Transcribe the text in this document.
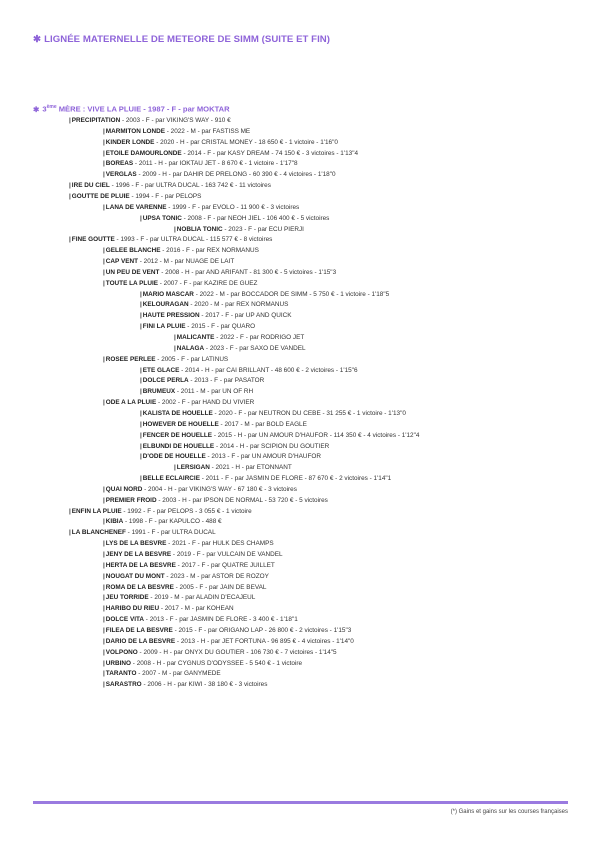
✱ LIGNÉE MATERNELLE DE METEORE DE SIMM (SUITE ET FIN)
✱ 3ème MÈRE : VIVE LA PLUIE - 1987 - F - par MOKTAR
|PRECIPITATION - 2003 - F - par VIKING'S WAY - 910 €
|MARMITON LONDE - 2022 - M - par FASTISS ME
|KINDER LONDE - 2020 - H - par CRISTAL MONEY - 18 650 € - 1 victoire - 1'16"0
|ETOILE DAMOURLONDE - 2014 - F - par KASY DREAM - 74 150 € - 3 victoires - 1'13"4
|BOREAS - 2011 - H - par IOKTAU JET - 8 670 € - 1 victoire - 1'17"8
|VERGLAS - 2009 - H - par DAHIR DE PRELONG - 60 390 € - 4 victoires - 1'18"0
|IRE DU CIEL - 1996 - F - par ULTRA DUCAL - 163 742 € - 11 victoires
|GOUTTE DE PLUIE - 1994 - F - par PELOPS
|LANA DE VARENNE - 1999 - F - par EVOLO - 11 900 € - 3 victoires
|UPSA TONIC - 2008 - F - par NEOH JIEL - 106 400 € - 5 victoires
|NOBLIA TONIC - 2023 - F - par ECU PIERJI
|FINE GOUTTE - 1993 - F - par ULTRA DUCAL - 115 577 € - 8 victoires
|GELEE BLANCHE - 2016 - F - par REX NORMANUS
|CAP VENT - 2012 - M - par NUAGE DE LAIT
|UN PEU DE VENT - 2008 - H - par AND ARIFANT - 81 300 € - 5 victoires - 1'15"3
|TOUTE LA PLUIE - 2007 - F - par KAZIRE DE GUEZ
|MARIO MASCAR - 2022 - M - par BOCCADOR DE SIMM - 5 750 € - 1 victoire - 1'18"5
|KELOURAGAN - 2020 - M - par REX NORMANUS
|HAUTE PRESSION - 2017 - F - par UP AND QUICK
|FINI LA PLUIE - 2015 - F - par QUARO
|MALICANTE - 2022 - F - par RODRIGO JET
|NALAGA - 2023 - F - par SAXO DE VANDEL
|ROSEE PERLEE - 2005 - F - par LATINUS
|ETE GLACE - 2014 - H - par CAI BRILLANT - 48 600 € - 2 victoires - 1'15"6
|DOLCE PERLA - 2013 - F - par PASATOR
|BRUMEUX - 2011 - M - par UN OF RH
|ODE A LA PLUIE - 2002 - F - par HAND DU VIVIER
|KALISTA DE HOUELLE - 2020 - F - par NEUTRON DU CEBE - 31 255 € - 1 victoire - 1'13"0
|HOWEVER DE HOUELLE - 2017 - M - par BOLD EAGLE
|FENCER DE HOUELLE - 2015 - H - par UN AMOUR D'HAUFOR - 114 350 € - 4 victoires - 1'12"4
|ELBUNDI DE HOUELLE - 2014 - H - par SCIPION DU GOUTIER
|D'ODE DE HOUELLE - 2013 - F - par UN AMOUR D'HAUFOR
|LERSIGAN - 2021 - H - par ETONNANT
|BELLE ECLAIRCIE - 2011 - F - par JASMIN DE FLORE - 87 670 € - 2 victoires - 1'14"1
|QUAI NORD - 2004 - H - par VIKING'S WAY - 67 180 € - 3 victoires
|PREMIER FROID - 2003 - H - par IPSON DE NORMAL - 53 720 € - 5 victoires
|ENFIN LA PLUIE - 1992 - F - par PELOPS - 3 055 € - 1 victoire
|KIBIA - 1998 - F - par KAPULCO - 488 €
|LA BLANCHENEF - 1991 - F - par ULTRA DUCAL
|LYS DE LA BESVRE - 2021 - F - par HULK DES CHAMPS
|JENY DE LA BESVRE - 2019 - F - par VULCAIN DE VANDEL
|HERTA DE LA BESVRE - 2017 - F - par QUATRE JUILLET
|NOUGAT DU MONT - 2023 - M - par ASTOR DE ROZOY
|ROMA DE LA BESVRE - 2005 - F - par JAIN DE BEVAL
|JEU TORRIDE - 2019 - M - par ALADIN D'ECAJEUL
|HARIBO DU RIEU - 2017 - M - par KOHEAN
|DOLCE VITA - 2013 - F - par JASMIN DE FLORE - 3 400 € - 1'18"1
|FILEA DE LA BESVRE - 2015 - F - par ORIGANO LAP - 26 800 € - 2 victoires - 1'15"3
|DARIO DE LA BESVRE - 2013 - H - par JET FORTUNA - 96 895 € - 4 victoires - 1'14"0
|VOLPONO - 2009 - H - par ONYX DU GOUTIER - 106 730 € - 7 victoires - 1'14"5
|URBINO - 2008 - H - par CYGNUS D'ODYSSEE - 5 540 € - 1 victoire
|TARANTO - 2007 - M - par GANYMEDE
|SARASTRO - 2006 - H - par KIWI - 38 180 € - 3 victoires
(*) Gains et gains sur les courses françaises
